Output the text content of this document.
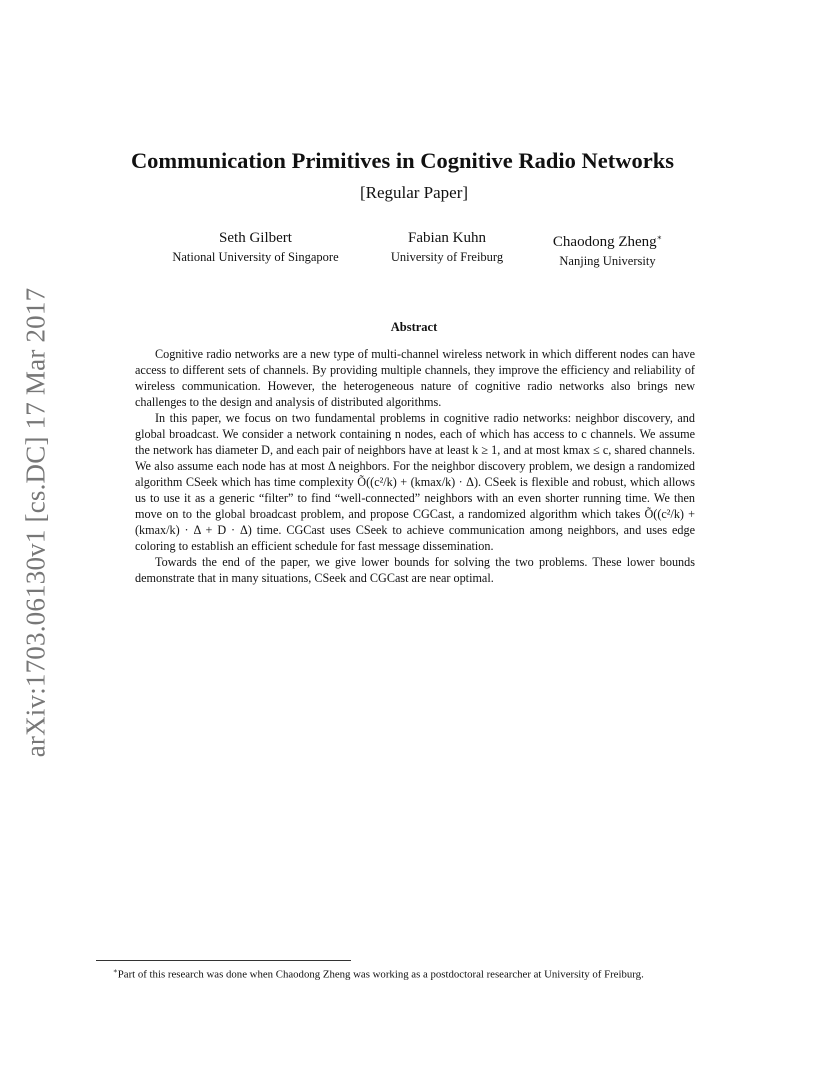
arXiv:1703.06130v1 [cs.DC] 17 Mar 2017
Communication Primitives in Cognitive Radio Networks
[Regular Paper]
Seth Gilbert
National University of Singapore
Fabian Kuhn
University of Freiburg
Chaodong Zheng∗
Nanjing University
Abstract

Cognitive radio networks are a new type of multi-channel wireless network in which different nodes can have access to different sets of channels. By providing multiple channels, they improve the efficiency and reliability of wireless communication. However, the heterogeneous nature of cognitive radio networks also brings new challenges to the design and analysis of distributed algorithms.

In this paper, we focus on two fundamental problems in cognitive radio networks: neighbor discovery, and global broadcast. We consider a network containing n nodes, each of which has access to c channels. We assume the network has diameter D, and each pair of neighbors have at least k ≥ 1, and at most kmax ≤ c, shared channels. We also assume each node has at most Δ neighbors. For the neighbor discovery problem, we design a randomized algorithm CSeek which has time complexity Õ((c²/k) + (kmax/k) · Δ). CSeek is flexible and robust, which allows us to use it as a generic “filter” to find “well-connected” neighbors with an even shorter running time. We then move on to the global broadcast problem, and propose CGCast, a randomized algorithm which takes Õ((c²/k) + (kmax/k) · Δ + D · Δ) time. CGCast uses CSeek to achieve communication among neighbors, and uses edge coloring to establish an efficient schedule for fast message dissemination.

Towards the end of the paper, we give lower bounds for solving the two problems. These lower bounds demonstrate that in many situations, CSeek and CGCast are near optimal.

∗Part of this research was done when Chaodong Zheng was working as a postdoctoral researcher at University of Freiburg.
